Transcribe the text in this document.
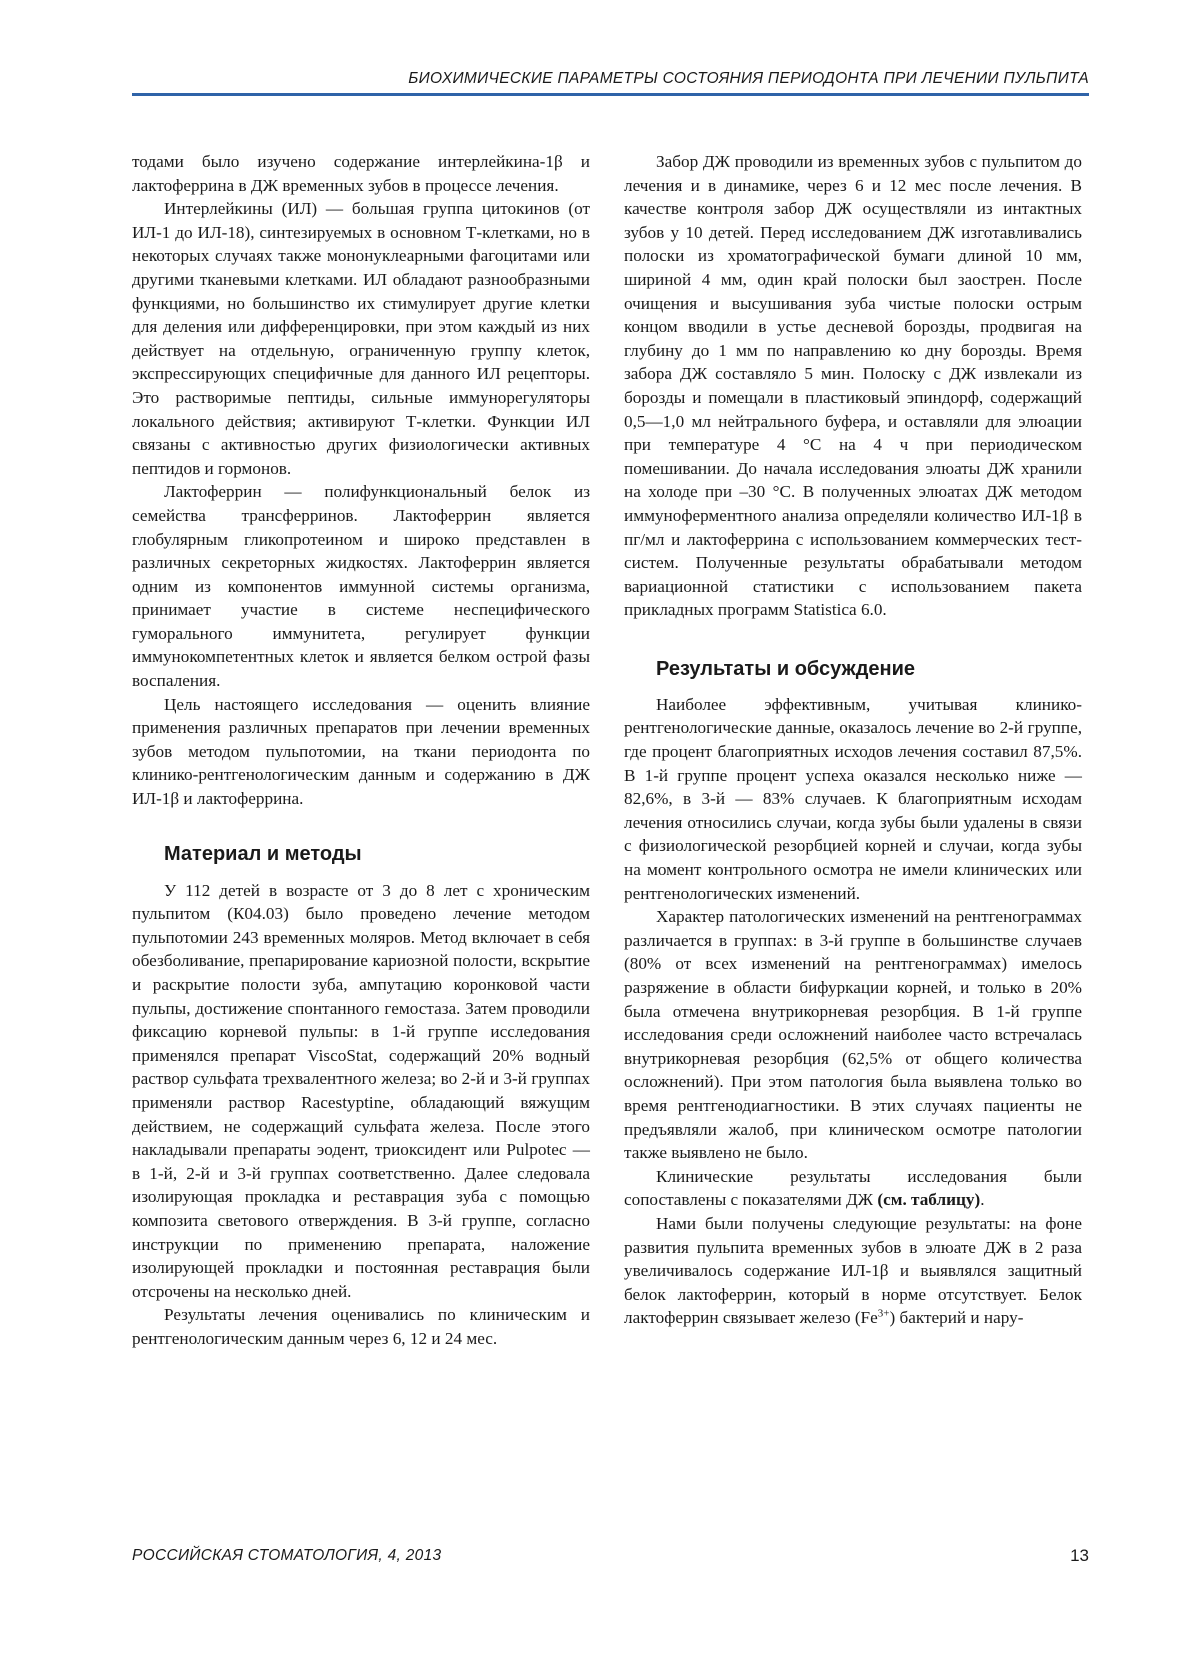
БИОХИМИЧЕСКИЕ ПАРАМЕТРЫ СОСТОЯНИЯ ПЕРИОДОНТА ПРИ ЛЕЧЕНИИ ПУЛЬПИТА

тодами было изучено содержание интерлейкина-1β и лактоферрина в ДЖ временных зубов в процессе лечения.

Интерлейкины (ИЛ) — большая группа цитокинов (от ИЛ-1 до ИЛ-18), синтезируемых в основном Т-клетками, но в некоторых случаях также мононуклеарными фагоцитами или другими тканевыми клетками. ИЛ обладают разнообразными функциями, но большинство их стимулирует другие клетки для деления или дифференцировки, при этом каждый из них действует на отдельную, ограниченную группу клеток, экспрессирующих специфичные для данного ИЛ рецепторы. Это растворимые пептиды, сильные иммунорегуляторы локального действия; активируют Т-клетки. Функции ИЛ связаны с активностью других физиологически активных пептидов и гормонов.

Лактоферрин — полифункциональный белок из семейства трансферринов. Лактоферрин является глобулярным гликопротеином и широко представлен в различных секреторных жидкостях. Лактоферрин является одним из компонентов иммунной системы организма, принимает участие в системе неспецифического гуморального иммунитета, регулирует функции иммунокомпетентных клеток и является белком острой фазы воспаления.

Цель настоящего исследования — оценить влияние применения различных препаратов при лечении временных зубов методом пульпотомии, на ткани периодонта по клинико-рентгенологическим данным и содержанию в ДЖ ИЛ-1β и лактоферрина.

Материал и методы

У 112 детей в возрасте от 3 до 8 лет с хроническим пульпитом (К04.03) было проведено лечение методом пульпотомии 243 временных моляров. Метод включает в себя обезболивание, препарирование кариозной полости, вскрытие и раскрытие полости зуба, ампутацию коронковой части пульпы, достижение спонтанного гемостаза. Затем проводили фиксацию корневой пульпы: в 1-й группе исследования применялся препарат ViscoStat, содержащий 20% водный раствор сульфата трехвалентного железа; во 2-й и 3-й группах применяли раствор Racestyptine, обладающий вяжущим действием, не содержащий сульфата железа. После этого накладывали препараты эодент, триоксидент или Pulpotec — в 1-й, 2-й и 3-й группах соответственно. Далее следовала изолирующая прокладка и реставрация зуба с помощью композита светового отверждения. В 3-й группе, согласно инструкции по применению препарата, наложение изолирующей прокладки и постоянная реставрация были отсрочены на несколько дней.

Результаты лечения оценивались по клиническим и рентгенологическим данным через 6, 12 и 24 мес.

Забор ДЖ проводили из временных зубов с пульпитом до лечения и в динамике, через 6 и 12 мес после лечения. В качестве контроля забор ДЖ осуществляли из интактных зубов у 10 детей. Перед исследованием ДЖ изготавливались полоски из хроматографической бумаги длиной 10 мм, шириной 4 мм, один край полоски был заострен. После очищения и высушивания зуба чистые полоски острым концом вводили в устье десневой борозды, продвигая на глубину до 1 мм по направлению ко дну борозды. Время забора ДЖ составляло 5 мин. Полоску с ДЖ извлекали из борозды и помещали в пластиковый эпиндорф, содержащий 0,5—1,0 мл нейтрального буфера, и оставляли для элюации при температуре 4 °С на 4 ч при периодическом помешивании. До начала исследования элюаты ДЖ хранили на холоде при –30 °С. В полученных элюатах ДЖ методом иммуноферментного анализа определяли количество ИЛ-1β в пг/мл и лактоферрина с использованием коммерческих тест-систем. Полученные результаты обрабатывали методом вариационной статистики с использованием пакета прикладных программ Statistica 6.0.

Результаты и обсуждение

Наиболее эффективным, учитывая клинико-рентгенологические данные, оказалось лечение во 2-й группе, где процент благоприятных исходов лечения составил 87,5%. В 1-й группе процент успеха оказался несколько ниже — 82,6%, в 3-й — 83% случаев. К благоприятным исходам лечения относились случаи, когда зубы были удалены в связи с физиологической резорбцией корней и случаи, когда зубы на момент контрольного осмотра не имели клинических или рентгенологических изменений.

Характер патологических изменений на рентгенограммах различается в группах: в 3-й группе в большинстве случаев (80% от всех изменений на рентгенограммах) имелось разряжение в области бифуркации корней, и только в 20% была отмечена внутрикорневая резорбция. В 1-й группе исследования среди осложнений наиболее часто встречалась внутрикорневая резорбция (62,5% от общего количества осложнений). При этом патология была выявлена только во время рентгенодиагностики. В этих случаях пациенты не предъявляли жалоб, при клиническом осмотре патологии также выявлено не было.

Клинические результаты исследования были сопоставлены с показателями ДЖ (см. таблицу).

Нами были получены следующие результаты: на фоне развития пульпита временных зубов в элюате ДЖ в 2 раза увеличивалось содержание ИЛ-1β и выявлялся защитный белок лактоферрин, который в норме отсутствует. Белок лактоферрин связывает железо $(Fe^{3+})$ бактерий и нару-

РОССИЙСКАЯ СТОМАТОЛОГИЯ, 4, 2013	13
